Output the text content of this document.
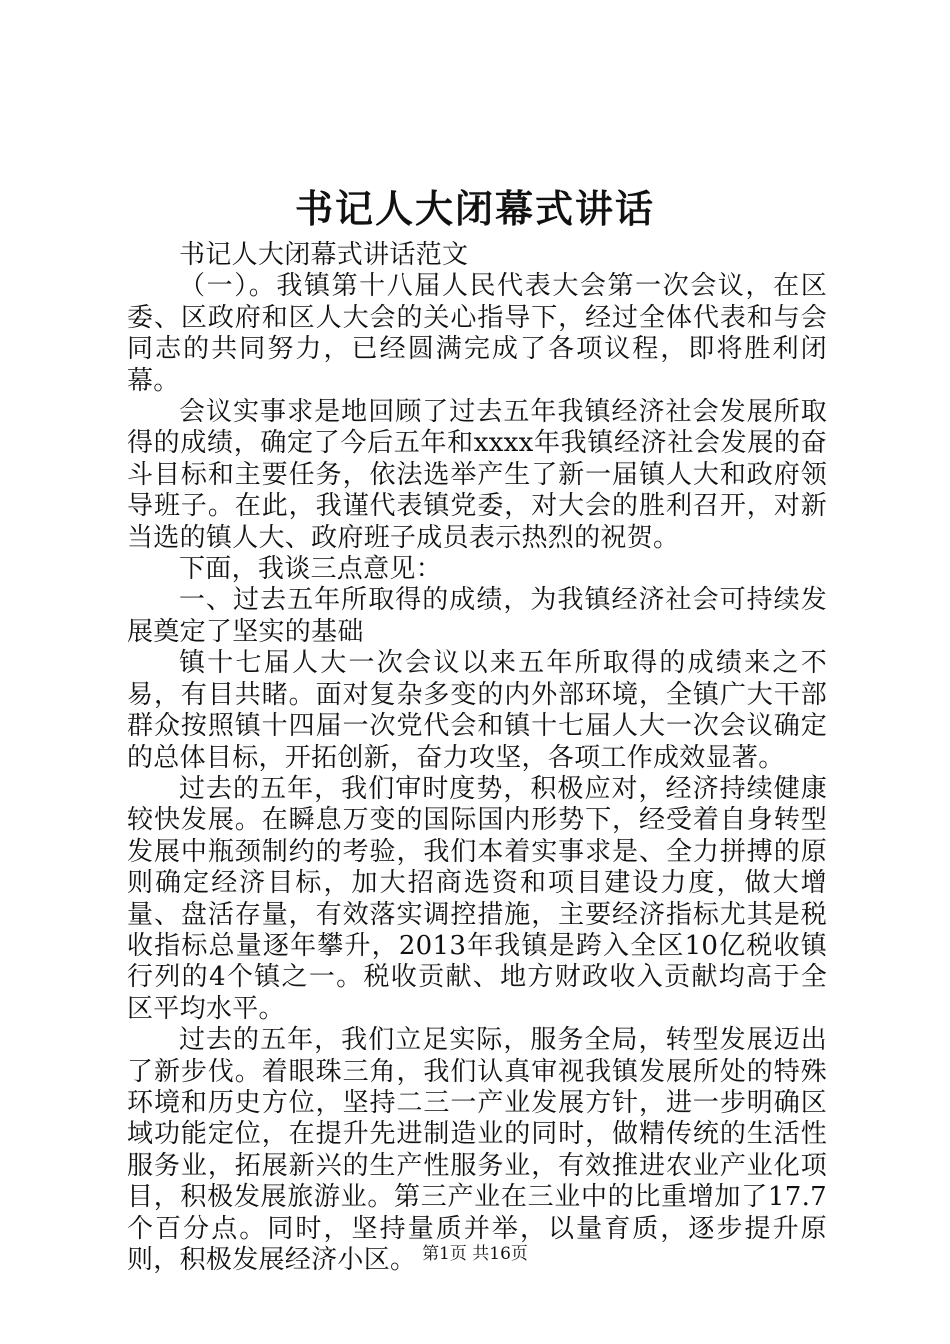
书记人大闭幕式讲话

书记人大闭幕式讲话范文

（一）。我镇第十八届人民代表大会第一次会议，在区委、区政府和区人大会的关心指导下，经过全体代表和与会同志的共同努力，已经圆满完成了各项议程，即将胜利闭幕。

会议实事求是地回顾了过去五年我镇经济社会发展所取得的成绩，确定了今后五年和xxxx年我镇经济社会发展的奋斗目标和主要任务，依法选举产生了新一届镇人大和政府领导班子。在此，我谨代表镇党委，对大会的胜利召开，对新当选的镇人大、政府班子成员表示热烈的祝贺。

下面，我谈三点意见：

一、过去五年所取得的成绩，为我镇经济社会可持续发展奠定了坚实的基础

镇十七届人大一次会议以来五年所取得的成绩来之不易，有目共睹。面对复杂多变的内外部环境，全镇广大干部群众按照镇十四届一次党代会和镇十七届人大一次会议确定的总体目标，开拓创新，奋力攻坚，各项工作成效显著。

过去的五年，我们审时度势，积极应对，经济持续健康较快发展。在瞬息万变的国际国内形势下，经受着自身转型发展中瓶颈制约的考验，我们本着实事求是、全力拼搏的原则确定经济目标，加大招商选资和项目建设力度，做大增量、盘活存量，有效落实调控措施，主要经济指标尤其是税收指标总量逐年攀升，2013年我镇是跨入全区10亿税收镇行列的4个镇之一。税收贡献、地方财政收入贡献均高于全区平均水平。

过去的五年，我们立足实际，服务全局，转型发展迈出了新步伐。着眼珠三角，我们认真审视我镇发展所处的特殊环境和历史方位，坚持二三一产业发展方针，进一步明确区域功能定位，在提升先进制造业的同时，做精传统的生活性服务业，拓展新兴的生产性服务业，有效推进农业产业化项目，积极发展旅游业。第三产业在三业中的比重增加了17.7个百分点。同时，坚持量质并举，以量育质，逐步提升原则，积极发展经济小区。 第1页 共16页
